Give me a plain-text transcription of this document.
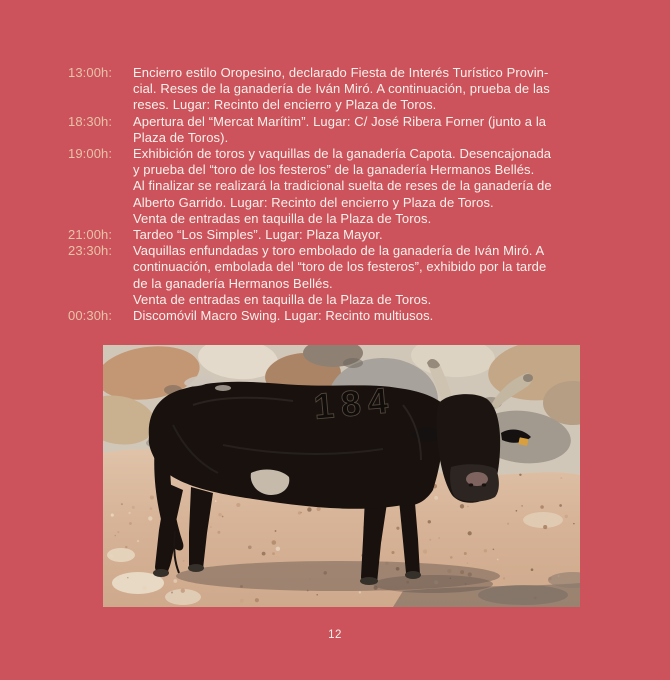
13:00h:	Encierro estilo Oropesino, declarado Fiesta de Interés Turístico Provin-
cial. Reses de la ganadería de Iván Miró. A continuación, prueba de las
reses. Lugar: Recinto del encierro y Plaza de Toros.
18:30h:	Apertura del “Mercat Marítim”. Lugar: C/ José Ribera Forner (junto a la
Plaza de Toros).
19:00h:	Exhibición de toros y vaquillas de la ganadería Capota. Desencajonada
y prueba del “toro de los festeros” de la ganadería Hermanos Bellés.
Al finalizar se realizará la tradicional suelta de reses de la ganadería de
Alberto Garrido. Lugar: Recinto del encierro y Plaza de Toros.
Venta de entradas en taquilla de la Plaza de Toros.
21:00h:	Tardeo “Los Simples”. Lugar: Plaza Mayor.
23:30h:	Vaquillas enfundadas y toro embolado de la ganadería de Iván Miró. A
continuación, embolada del “toro de los festeros”, exhibido por la tarde
de la ganadería Hermanos Bellés.
Venta de entradas en taquilla de la Plaza de Toros.
00:30h:	Discomóvil Macro Swing. Lugar: Recinto multiusos.
184
12
